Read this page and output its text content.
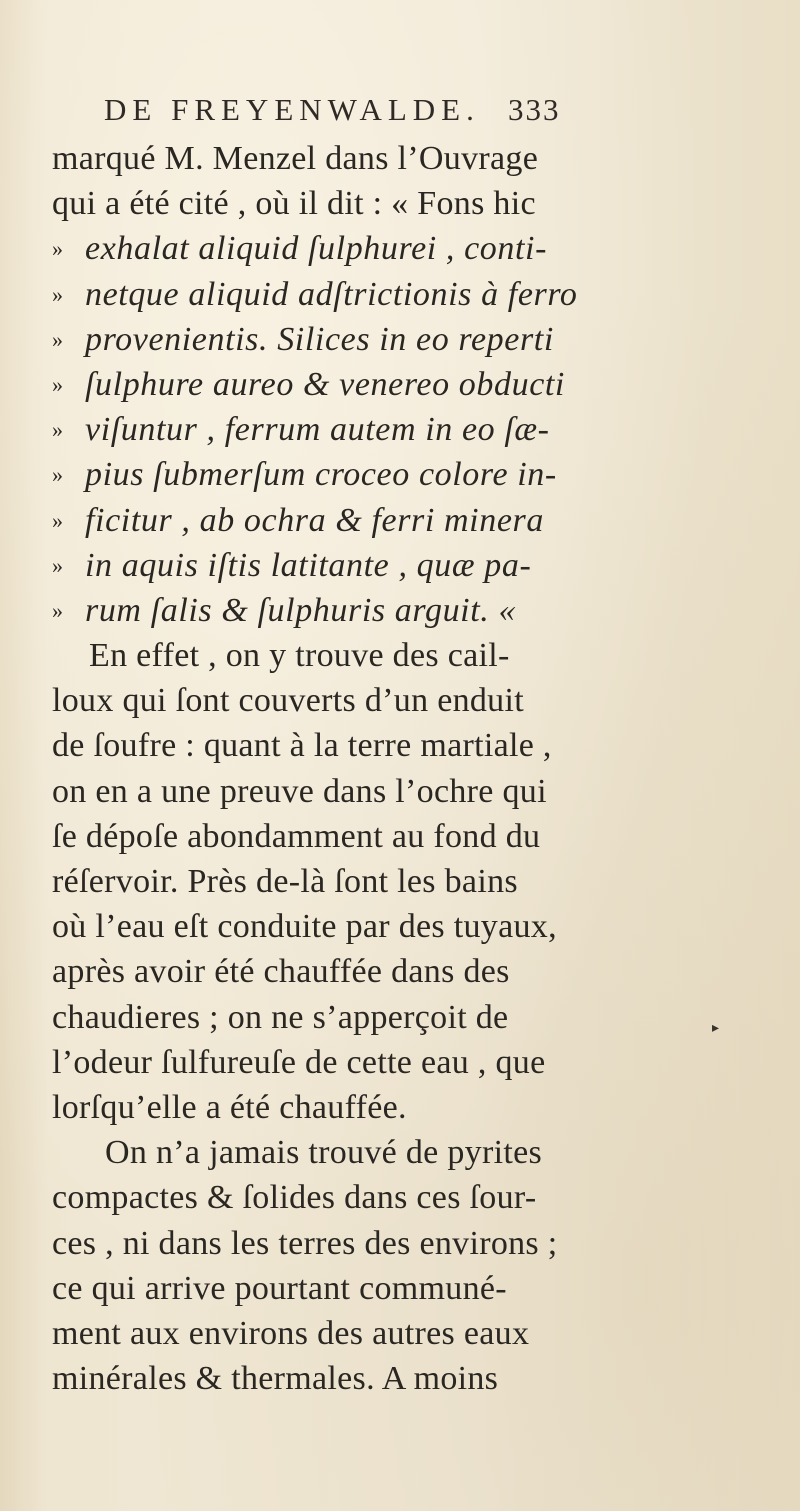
DE FREYENWALDE. 333
marqué M. Menzel dans l’Ouvrage
qui a été cité , où il dit : « Fons hic
» exhalat aliquid ſulphurei , conti-
» netque aliquid adſtrictionis à ferro
» provenientis. Silices in eo reperti
» ſulphure aureo & venereo obducti
» viſuntur , ferrum autem in eo ſæ-
» pius ſubmerſum croceo colore in-
» ficitur , ab ochra & ferri minera
» in aquis iſtis latitante , quæ pa-
» rum ſalis & ſulphuris arguit. «
En effet , on y trouve des cail-
loux qui ſont couverts d’un enduit
de ſoufre : quant à la terre martiale ,
on en a une preuve dans l’ochre qui
ſe dépoſe abondamment au fond du
réſervoir. Près de-là ſont les bains
où l’eau eſt conduite par des tuyaux,
après avoir été chauffée dans des
chaudieres ; on ne s’apperçoit de
l’odeur ſulfureuſe de cette eau , que
lorſqu’elle a été chauffée.
On n’a jamais trouvé de pyrites
compactes & ſolides dans ces ſour-
ces , ni dans les terres des environs ;
ce qui arrive pourtant communé-
ment aux environs des autres eaux
minérales & thermales. A moins
▸
